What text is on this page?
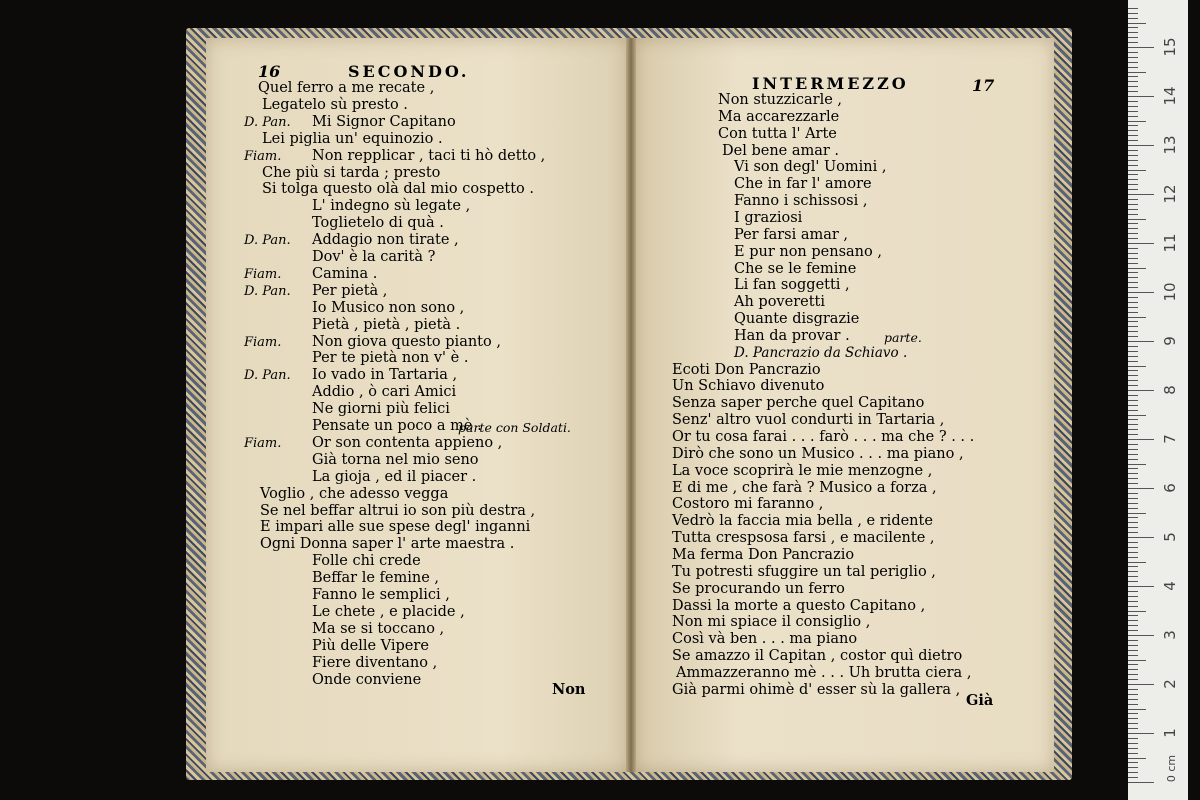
16	SECONDO.
Non
Quel ferro a me recate ,
Legatelo sù presto .
D. Pan. Mi Signor Capitano
Lei piglia un' equinozio .
Fiam. Non repplicar , taci ti hò detto ,
Che più si tarda ; presto
Si tolga questo olà dal mio cospetto .
L' indegno sù legate ,
Toglietelo di quà .
D. Pan. Addagio non tirate ,
Dov' è la carità ?
Fiam. Camina .
D. Pan. Per pietà ,
Io Musico non sono ,
Pietà , pietà , pietà .
Fiam. Non giova questo pianto ,
Per te pietà non v' è .
D. Pan. Io vado in Tartaria ,
Addio , ò cari Amici
Ne giorni più felici
Pensate un poco a mè .
parte con Soldati.
Fiam. Or son contenta appieno ,
Già torna nel mio seno
La gioja , ed il piacer .
Voglio , che adesso vegga
Se nel beffar altrui io son più destra ,
E impari alle sue spese degl' inganni
Ogni Donna saper l' arte maestra .
Folle chi crede
Beffar le femine ,
Fanno le semplici ,
Le chete , e placide ,
Ma se si toccano ,
Più delle Vipere
Fiere diventano ,
Onde conviene
INTERMEZZO	17
Già
Non stuzzicarle ,
Ma accarezzarle
Con tutta l' Arte
Del bene amar .
Vi son degl' Uomini ,
Che in far l' amore
Fanno i schissosi ,
I graziosi
Per farsi amar ,
E pur non pensano ,
Che se le femine
Li fan soggetti ,
Ah poveretti
Quante disgrazie
Han da provar .	parte.
D. Pancrazio da Schiavo .
Ecoti Don Pancrazio
Un Schiavo divenuto
Senza saper perche quel Capitano
Senz' altro vuol condurti in Tartaria ,
Or tu cosa farai . . . farò . . . ma che ? . . .
Dirò che sono un Musico . . . ma piano ,
La voce scoprirà le mie menzogne ,
E di me , che farà ? Musico a forza ,
Costoro mi faranno ,
Vedrò la faccia mia bella , e ridente
Tutta crespsosa farsi , e macilente ,
Ma ferma Don Pancrazio
Tu potresti sfuggire un tal periglio ,
Se procurando un ferro
Dassi la morte a questo Capitano ,
Non mi spiace il consiglio ,
Così và ben . . . ma piano
Se amazzo il Capitan , costor quì dietro
Ammazzeranno mè . . . Uh brutta ciera ,
Già parmi ohimè d' esser sù la gallera ,
0 cm
15
14
13
12
11
10
9
8
7
6
5
4
3
2
1
